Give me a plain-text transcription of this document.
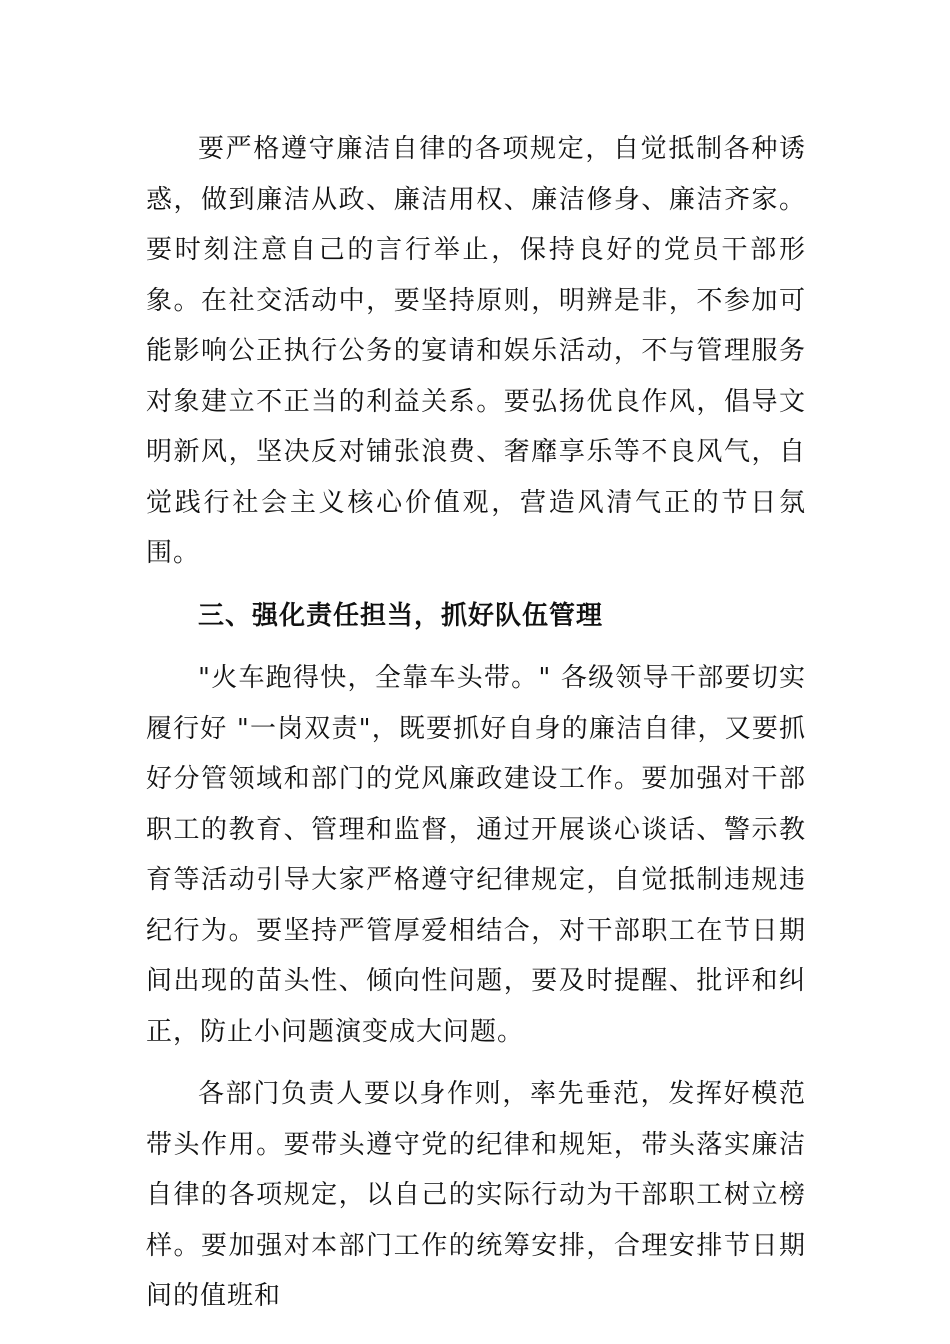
要严格遵守廉洁自律的各项规定，自觉抵制各种诱惑，做到廉洁从政、廉洁用权、廉洁修身、廉洁齐家。要时刻注意自己的言行举止，保持良好的党员干部形象。在社交活动中，要坚持原则，明辨是非，不参加可能影响公正执行公务的宴请和娱乐活动，不与管理服务对象建立不正当的利益关系。要弘扬优良作风，倡导文明新风，坚决反对铺张浪费、奢靡享乐等不良风气，自觉践行社会主义核心价值观，营造风清气正的节日氛围。

三、强化责任担当，抓好队伍管理

"火车跑得快，全靠车头带。" 各级领导干部要切实履行好 "一岗双责"，既要抓好自身的廉洁自律，又要抓好分管领域和部门的党风廉政建设工作。要加强对干部职工的教育、管理和监督，通过开展谈心谈话、警示教育等活动引导大家严格遵守纪律规定，自觉抵制违规违纪行为。要坚持严管厚爱相结合，对干部职工在节日期间出现的苗头性、倾向性问题，要及时提醒、批评和纠正，防止小问题演变成大问题。

各部门负责人要以身作则，率先垂范，发挥好模范带头作用。要带头遵守党的纪律和规矩，带头落实廉洁自律的各项规定，以自己的实际行动为干部职工树立榜样。要加强对本部门工作的统筹安排，合理安排节日期间的值班和
